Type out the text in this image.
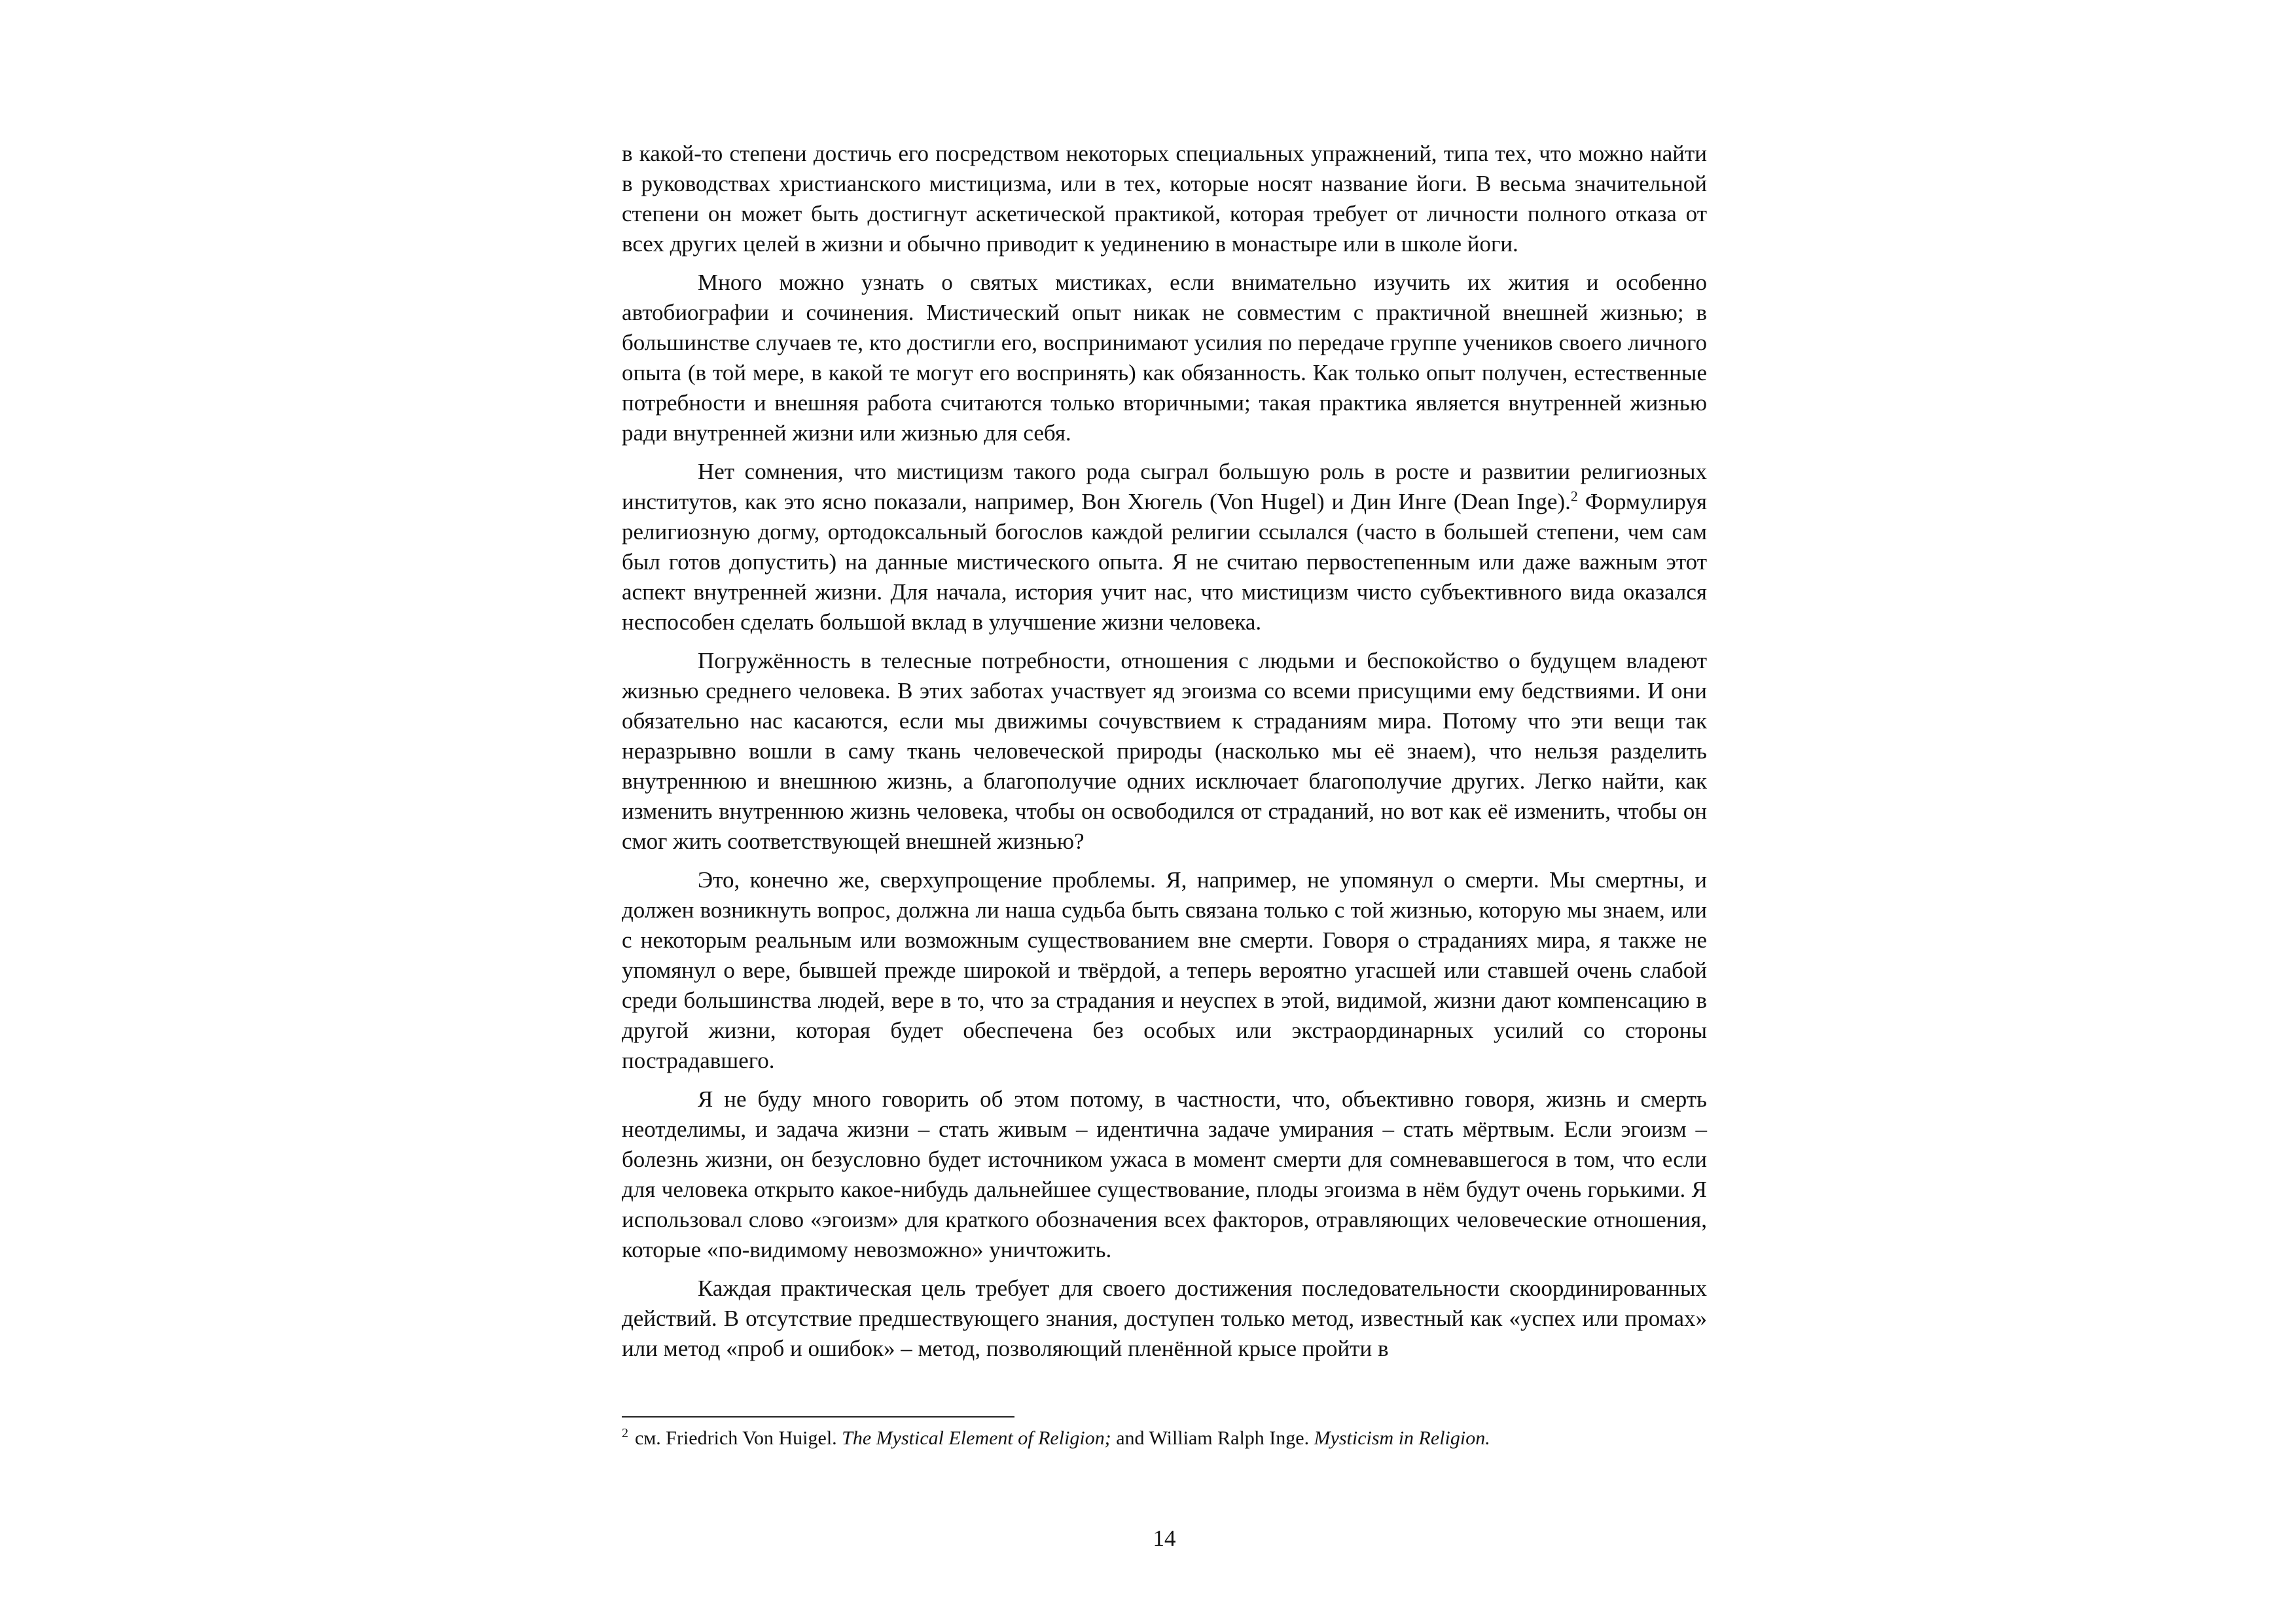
в какой-то степени достичь его посредством некоторых специальных упражнений, типа тех, что можно найти в руководствах христианского мистицизма, или в тех, которые носят название йоги. В весьма значительной степени он может быть достигнут аскетической практикой, которая требует от личности полного отказа от всех других целей в жизни и обычно приводит к уединению в монастыре или в школе йоги.

Много можно узнать о святых мистиках, если внимательно изучить их жития и особенно автобиографии и сочинения. Мистический опыт никак не совместим с практичной внешней жизнью; в большинстве случаев те, кто достигли его, воспринимают усилия по передаче группе учеников своего личного опыта (в той мере, в какой те могут его воспринять) как обязанность. Как только опыт получен, естественные потребности и внешняя работа считаются только вторичными; такая практика является внутренней жизнью ради внутренней жизни или жизнью для себя.

Нет сомнения, что мистицизм такого рода сыграл большую роль в росте и развитии религиозных институтов, как это ясно показали, например, Вон Хюгель (Von Hugel) и Дин Инге (Dean Inge).$^2$ Формулируя религиозную догму, ортодоксальный богослов каждой религии ссылался (часто в большей степени, чем сам был готов допустить) на данные мистического опыта. Я не считаю первостепенным или даже важным этот аспект внутренней жизни. Для начала, история учит нас, что мистицизм чисто субъективного вида оказался неспособен сделать большой вклад в улучшение жизни человека.

Погружённость в телесные потребности, отношения с людьми и беспокойство о будущем владеют жизнью среднего человека. В этих заботах участвует яд эгоизма со всеми присущими ему бедствиями. И они обязательно нас касаются, если мы движимы сочувствием к страданиям мира. Потому что эти вещи так неразрывно вошли в саму ткань человеческой природы (насколько мы её знаем), что нельзя разделить внутреннюю и внешнюю жизнь, а благополучие одних исключает благополучие других. Легко найти, как изменить внутреннюю жизнь человека, чтобы он освободился от страданий, но вот как её изменить, чтобы он смог жить соответствующей внешней жизнью?

Это, конечно же, сверхупрощение проблемы. Я, например, не упомянул о смерти. Мы смертны, и должен возникнуть вопрос, должна ли наша судьба быть связана только с той жизнью, которую мы знаем, или с некоторым реальным или возможным существованием вне смерти. Говоря о страданиях мира, я также не упомянул о вере, бывшей прежде широкой и твёрдой, а теперь вероятно угасшей или ставшей очень слабой среди большинства людей, вере в то, что за страдания и неуспех в этой, видимой, жизни дают компенсацию в другой жизни, которая будет обеспечена без особых или экстраординарных усилий со стороны пострадавшего.

Я не буду много говорить об этом потому, в частности, что, объективно говоря, жизнь и смерть неотделимы, и задача жизни – стать живым – идентична задаче умирания – стать мёртвым. Если эгоизм – болезнь жизни, он безусловно будет источником ужаса в момент смерти для сомневавшегося в том, что если для человека открыто какое-нибудь дальнейшее существование, плоды эгоизма в нём будут очень горькими. Я использовал слово «эгоизм» для краткого обозначения всех факторов, отравляющих человеческие отношения, которые «по-видимому невозможно» уничтожить.

Каждая практическая цель требует для своего достижения последовательности скоординированных действий. В отсутствие предшествующего знания, доступен только метод, известный как «успех или промах» или метод «проб и ошибок» – метод, позволяющий пленённой крысе пройти в

$^2$ см. Friedrich Von Huigel. The Mystical Element of Religion; and William Ralph Inge. Mysticism in Religion.
14
